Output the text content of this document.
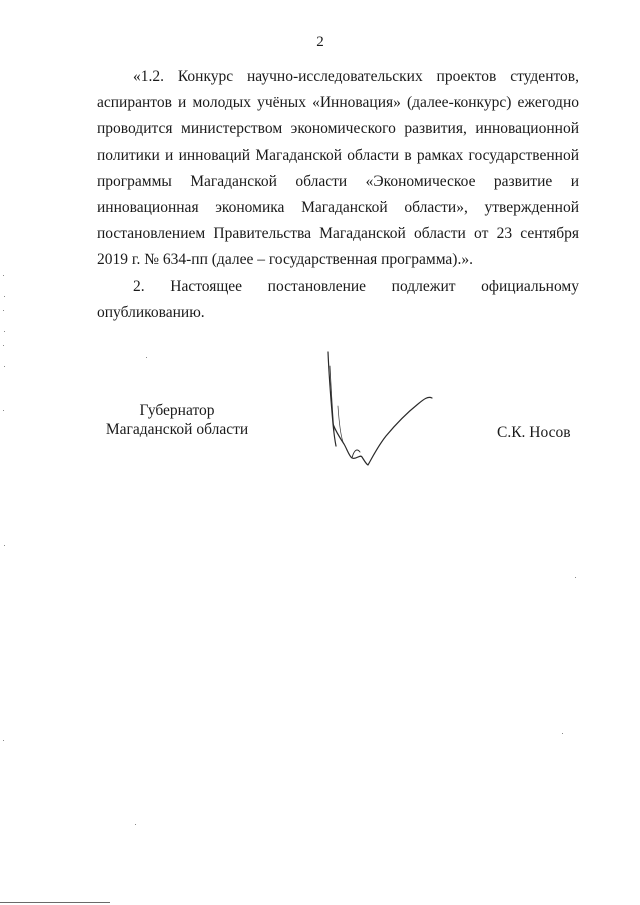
2

«1.2. Конкурс научно-исследовательских проектов студентов, аспирантов и молодых учёных «Инновация» (далее-конкурс) ежегодно проводится министерством экономического развития, инновационной политики и инноваций Магаданской области в рамках государственной программы Магаданской области «Экономическое развитие и инновационная экономика Магаданской области», утвержденной постановлением Правительства Магаданской области от 23 сентября 2019 г. № 634-пп (далее – государственная программа).».

2. Настоящее постановление подлежит официальному опубликованию.

Губернатор
Магаданской области	С.К. Носов
